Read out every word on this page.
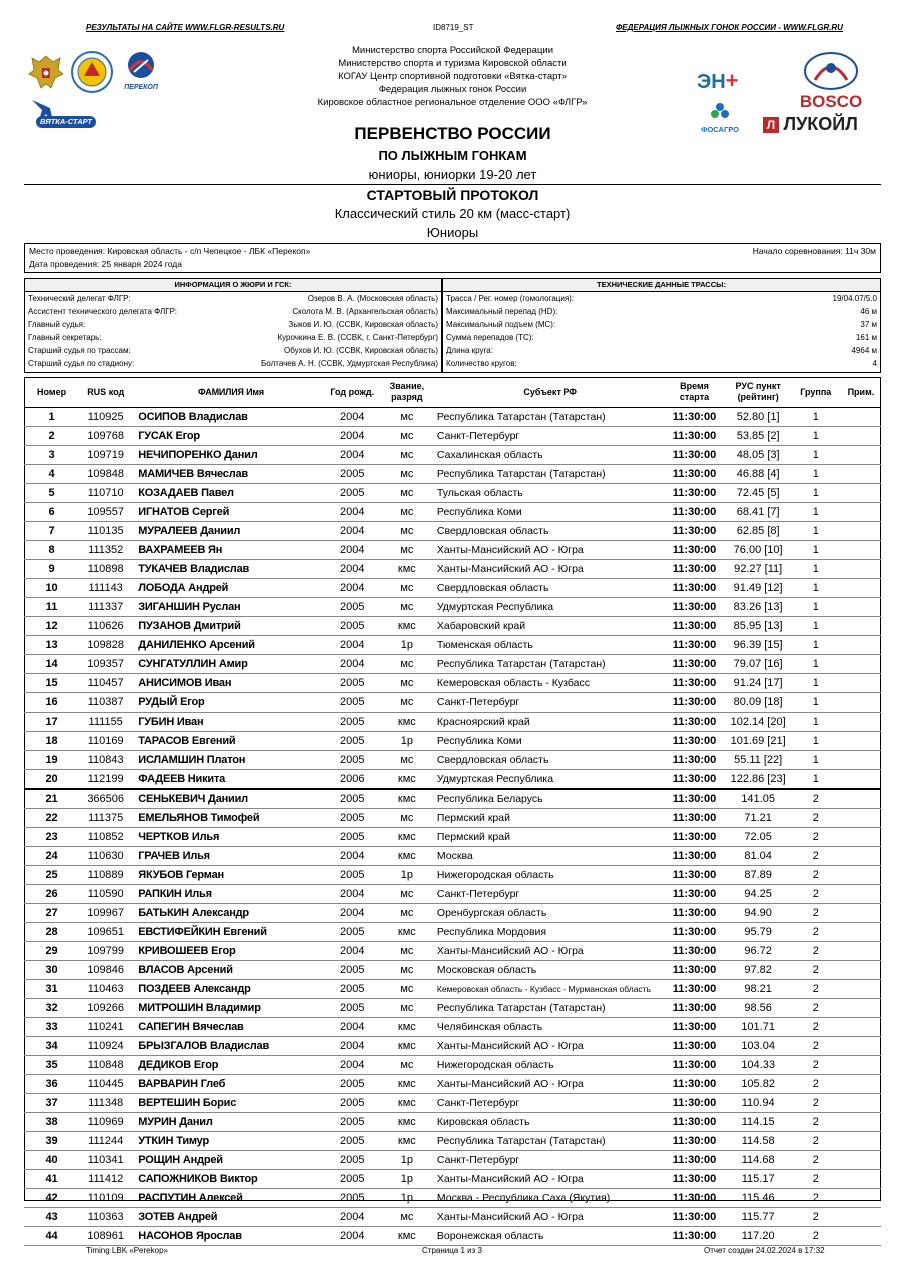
РЕЗУЛЬТАТЫ НА САЙТЕ WWW.FLGR-RESULTS.RU	ID8719_ST	ФЕДЕРАЦИЯ ЛЫЖНЫХ ГОНОК РОССИИ - WWW.FLGR.RU
ПЕРЕКОП
ВЯТКА-СТАРТ
Министерство спорта Российской Федерации
Министерство спорта и туризма Кировской области
КОГАУ Центр спортивной подготовки «Вятка-старт»
Федерация лыжных гонок России
Кировское областное региональное отделение ООО «ФЛГР»
ЭН+
ФОСАГРО
BOSCO
Л ЛУКОЙЛ
ПЕРВЕНСТВО РОССИИ
ПО ЛЫЖНЫМ ГОНКАМ
юниоры, юниорки 19-20 лет
СТАРТОВЫЙ ПРОТОКОЛ
Классический стиль 20 км (масс-старт)
Юниоры
Место проведения: Кировская область - с/п Чепецкое - ЛБК «Перекоп»
Дата проведения: 25 января 2024 года
Начало соревнования: 11ч 30м
ИНФОРМАЦИЯ О ЖЮРИ И ГСК:
Технический делегат ФЛГР:	Озеров В. А. (Московская область)
Ассистент технического делегата ФЛГР:	Сколота М. В. (Архангельская область)
Главный судья:	Зыков И. Ю. (ССВК, Кировская область)
Главный секретарь:	Курочкина Е. В. (ССВК, г. Санкт-Петербург)
Старший судья по трассам:	Обухов И. Ю. (ССВК, Кировская область)
Старший судья по стадиону:	Болтачев А. Н. (ССВК, Удмуртская Республика)
ТЕХНИЧЕСКИЕ ДАННЫЕ ТРАССЫ:
Трасса / Рег. номер (гомологация):	19/04.07/5.0
Максимальный перепад (HD):	46 м
Максимальный подъем (MC):	37 м
Сумма перепадов (TC):	161 м
Длина круга:	4964 м
Количество кругов:	4
Номер	RUS код	ФАМИЛИЯ Имя	Год рожд.	Звание,
разряд	Субъект РФ	Время
старта	РУС пункт
(рейтинг)	Группа	Прим.
1	110925	ОСИПОВ Владислав	2004	мс	Республика Татарстан (Татарстан)	11:30:00	52.80 [1]	1	
2	109768	ГУСАК Егор	2004	мс	Санкт-Петербург	11:30:00	53.85 [2]	1	
3	109719	НЕЧИПОРЕНКО Данил	2004	мс	Сахалинская область	11:30:00	48.05 [3]	1	
4	109848	МАМИЧЕВ Вячеслав	2005	мс	Республика Татарстан (Татарстан)	11:30:00	46.88 [4]	1	
5	110710	КОЗАДАЕВ Павел	2005	мс	Тульская область	11:30:00	72.45 [5]	1	
6	109557	ИГНАТОВ Сергей	2004	мс	Республика Коми	11:30:00	68.41 [7]	1	
7	110135	МУРАЛЕЕВ Даниил	2004	мс	Свердловская область	11:30:00	62.85 [8]	1	
8	111352	ВАХРАМЕЕВ Ян	2004	мс	Ханты-Мансийский АО - Югра	11:30:00	76.00 [10]	1	
9	110898	ТУКАЧЕВ Владислав	2004	кмс	Ханты-Мансийский АО - Югра	11:30:00	92.27 [11]	1	
10	111143	ЛОБОДА Андрей	2004	мс	Свердловская область	11:30:00	91.49 [12]	1	
11	111337	ЗИГАНШИН Руслан	2005	мс	Удмуртская Республика	11:30:00	83.26 [13]	1	
12	110626	ПУЗАНОВ Дмитрий	2005	кмс	Хабаровский край	11:30:00	85.95 [13]	1	
13	109828	ДАНИЛЕНКО Арсений	2004	1р	Тюменская область	11:30:00	96.39 [15]	1	
14	109357	СУНГАТУЛЛИН Амир	2004	мс	Республика Татарстан (Татарстан)	11:30:00	79.07 [16]	1	
15	110457	АНИСИМОВ Иван	2005	мс	Кемеровская область - Кузбасс	11:30:00	91.24 [17]	1	
16	110387	РУДЫЙ Егор	2005	мс	Санкт-Петербург	11:30:00	80.09 [18]	1	
17	111155	ГУБИН Иван	2005	кмс	Красноярский край	11:30:00	102.14 [20]	1	
18	110169	ТАРАСОВ Евгений	2005	1р	Республика Коми	11:30:00	101.69 [21]	1	
19	110843	ИСЛАМШИН Платон	2005	мс	Свердловская область	11:30:00	55.11 [22]	1	
20	112199	ФАДЕЕВ Никита	2006	кмс	Удмуртская Республика	11:30:00	122.86 [23]	1	
21	366506	СЕНЬКЕВИЧ Даниил	2005	кмс	Республика Беларусь	11:30:00	141.05	2	
22	111375	ЕМЕЛЬЯНОВ Тимофей	2005	мс	Пермский край	11:30:00	71.21	2	
23	110852	ЧЕРТКОВ Илья	2005	кмс	Пермский край	11:30:00	72.05	2	
24	110630	ГРАЧЕВ Илья	2004	кмс	Москва	11:30:00	81.04	2	
25	110889	ЯКУБОВ Герман	2005	1р	Нижегородская область	11:30:00	87.89	2	
26	110590	РАПКИН Илья	2004	мс	Санкт-Петербург	11:30:00	94.25	2	
27	109967	БАТЬКИН Александр	2004	мс	Оренбургская область	11:30:00	94.90	2	
28	109651	ЕВСТИФЕЙКИН Евгений	2005	кмс	Республика Мордовия	11:30:00	95.79	2	
29	109799	КРИВОШЕЕВ Егор	2004	мс	Ханты-Мансийский АО - Югра	11:30:00	96.72	2	
30	109846	ВЛАСОВ Арсений	2005	мс	Московская область	11:30:00	97.82	2	
31	110463	ПОЗДЕЕВ Александр	2005	мс	Кемеровская область - Кузбасс - Мурманская область	11:30:00	98.21	2	
32	109266	МИТРОШИН Владимир	2005	мс	Республика Татарстан (Татарстан)	11:30:00	98.56	2	
33	110241	САПЕГИН Вячеслав	2004	кмс	Челябинская область	11:30:00	101.71	2	
34	110924	БРЫЗГАЛОВ Владислав	2004	кмс	Ханты-Мансийский АО - Югра	11:30:00	103.04	2	
35	110848	ДЕДИКОВ Егор	2004	мс	Нижегородская область	11:30:00	104.33	2	
36	110445	ВАРВАРИН Глеб	2005	кмс	Ханты-Мансийский АО - Югра	11:30:00	105.82	2	
37	111348	ВЕРТЕШИН Борис	2005	кмс	Санкт-Петербург	11:30:00	110.94	2	
38	110969	МУРИН Данил	2005	кмс	Кировская область	11:30:00	114.15	2	
39	111244	УТКИН Тимур	2005	кмс	Республика Татарстан (Татарстан)	11:30:00	114.58	2	
40	110341	РОЩИН Андрей	2005	1р	Санкт-Петербург	11:30:00	114.68	2	
41	111412	САПОЖНИКОВ Виктор	2005	1р	Ханты-Мансийский АО - Югра	11:30:00	115.17	2	
42	110109	РАСПУТИН Алексей	2005	1р	Москва - Республика Саха (Якутия)	11:30:00	115.46	2	
43	110363	ЗОТЕВ Андрей	2004	мс	Ханты-Мансийский АО - Югра	11:30:00	115.77	2	
44	108961	НАСОНОВ Ярослав	2004	кмс	Воронежская область	11:30:00	117.20	2	
Timing LBK «Perekop»	Страница 1 из 3	Отчет создан 24.02.2024 в 17:32
